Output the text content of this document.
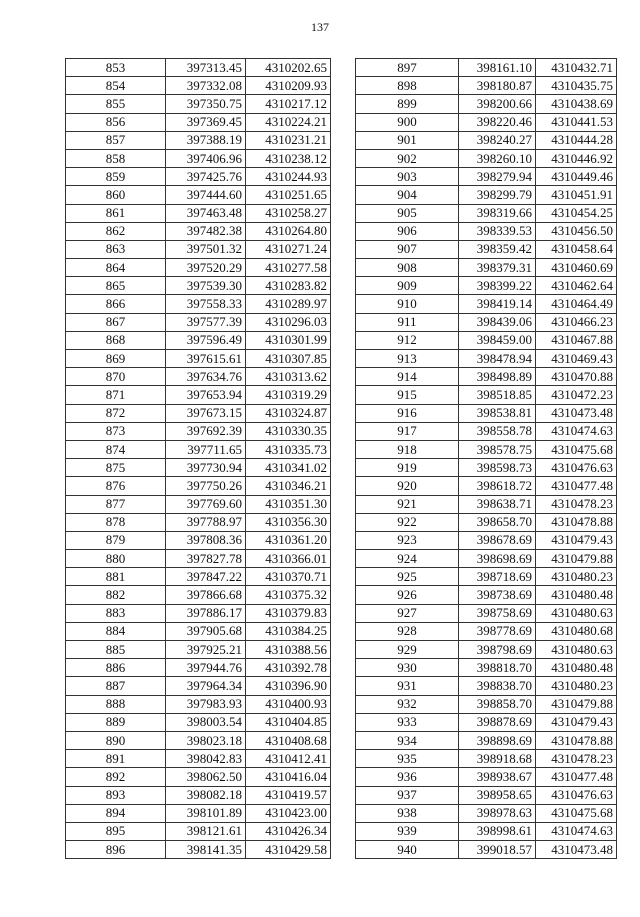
137
853	397313.45	4310202.65
854	397332.08	4310209.93
855	397350.75	4310217.12
856	397369.45	4310224.21
857	397388.19	4310231.21
858	397406.96	4310238.12
859	397425.76	4310244.93
860	397444.60	4310251.65
861	397463.48	4310258.27
862	397482.38	4310264.80
863	397501.32	4310271.24
864	397520.29	4310277.58
865	397539.30	4310283.82
866	397558.33	4310289.97
867	397577.39	4310296.03
868	397596.49	4310301.99
869	397615.61	4310307.85
870	397634.76	4310313.62
871	397653.94	4310319.29
872	397673.15	4310324.87
873	397692.39	4310330.35
874	397711.65	4310335.73
875	397730.94	4310341.02
876	397750.26	4310346.21
877	397769.60	4310351.30
878	397788.97	4310356.30
879	397808.36	4310361.20
880	397827.78	4310366.01
881	397847.22	4310370.71
882	397866.68	4310375.32
883	397886.17	4310379.83
884	397905.68	4310384.25
885	397925.21	4310388.56
886	397944.76	4310392.78
887	397964.34	4310396.90
888	397983.93	4310400.93
889	398003.54	4310404.85
890	398023.18	4310408.68
891	398042.83	4310412.41
892	398062.50	4310416.04
893	398082.18	4310419.57
894	398101.89	4310423.00
895	398121.61	4310426.34
896	398141.35	4310429.58
897	398161.10	4310432.71
898	398180.87	4310435.75
899	398200.66	4310438.69
900	398220.46	4310441.53
901	398240.27	4310444.28
902	398260.10	4310446.92
903	398279.94	4310449.46
904	398299.79	4310451.91
905	398319.66	4310454.25
906	398339.53	4310456.50
907	398359.42	4310458.64
908	398379.31	4310460.69
909	398399.22	4310462.64
910	398419.14	4310464.49
911	398439.06	4310466.23
912	398459.00	4310467.88
913	398478.94	4310469.43
914	398498.89	4310470.88
915	398518.85	4310472.23
916	398538.81	4310473.48
917	398558.78	4310474.63
918	398578.75	4310475.68
919	398598.73	4310476.63
920	398618.72	4310477.48
921	398638.71	4310478.23
922	398658.70	4310478.88
923	398678.69	4310479.43
924	398698.69	4310479.88
925	398718.69	4310480.23
926	398738.69	4310480.48
927	398758.69	4310480.63
928	398778.69	4310480.68
929	398798.69	4310480.63
930	398818.70	4310480.48
931	398838.70	4310480.23
932	398858.70	4310479.88
933	398878.69	4310479.43
934	398898.69	4310478.88
935	398918.68	4310478.23
936	398938.67	4310477.48
937	398958.65	4310476.63
938	398978.63	4310475.68
939	398998.61	4310474.63
940	399018.57	4310473.48
